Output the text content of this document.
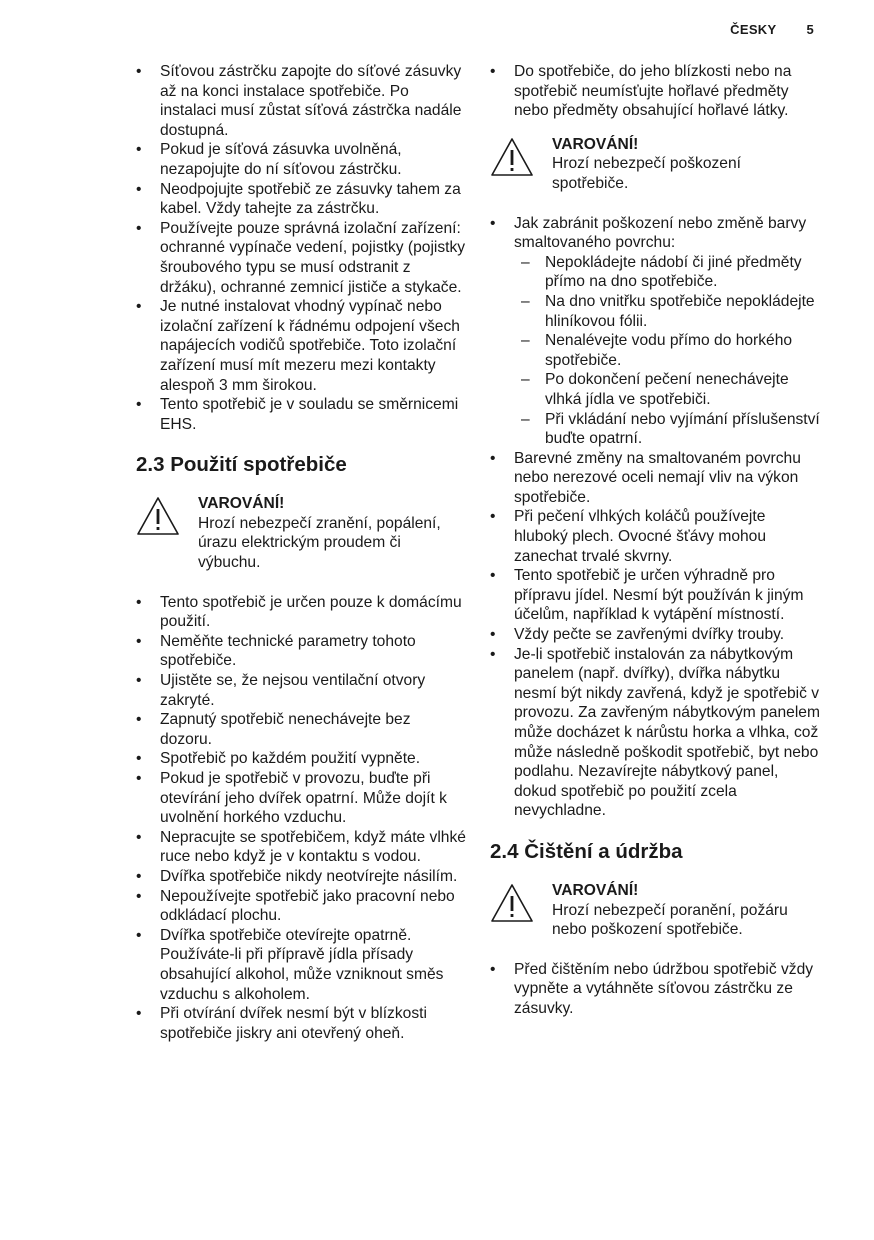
ČESKY 5
• Síťovou zástrčku zapojte do síťové zásuvky až na konci instalace spotřebiče. Po instalaci musí zůstat síťová zástrčka nadále dostupná.
• Pokud je síťová zásuvka uvolněná, nezapojujte do ní síťovou zástrčku.
• Neodpojujte spotřebič ze zásuvky tahem za kabel. Vždy tahejte za zástrčku.
• Používejte pouze správná izolační zařízení: ochranné vypínače vedení, pojistky (pojistky šroubového typu se musí odstranit z držáku), ochranné zemnicí jističe a stykače.
• Je nutné instalovat vhodný vypínač nebo izolační zařízení k řádnému odpojení všech napájecích vodičů spotřebiče. Toto izolační zařízení musí mít mezeru mezi kontakty alespoň 3 mm širokou.
• Tento spotřebič je v souladu se směrnicemi EHS.
2.3 Použití spotřebiče
VAROVÁNÍ!
Hrozí nebezpečí zranění, popálení, úrazu elektrickým proudem či výbuchu.
• Tento spotřebič je určen pouze k domácímu použití.
• Neměňte technické parametry tohoto spotřebiče.
• Ujistěte se, že nejsou ventilační otvory zakryté.
• Zapnutý spotřebič nenechávejte bez dozoru.
• Spotřebič po každém použití vypněte.
• Pokud je spotřebič v provozu, buďte při otevírání jeho dvířek opatrní. Může dojít k uvolnění horkého vzduchu.
• Nepracujte se spotřebičem, když máte vlhké ruce nebo když je v kontaktu s vodou.
• Dvířka spotřebiče nikdy neotvírejte násilím.
• Nepoužívejte spotřebič jako pracovní nebo odkládací plochu.
• Dvířka spotřebiče otevírejte opatrně. Používáte-li při přípravě jídla přísady obsahující alkohol, může vzniknout směs vzduchu s alkoholem.
• Při otvírání dvířek nesmí být v blízkosti spotřebiče jiskry ani otevřený oheň.
• Do spotřebiče, do jeho blízkosti nebo na spotřebič neumísťujte hořlavé předměty nebo předměty obsahující hořlavé látky.
VAROVÁNÍ!
Hrozí nebezpečí poškození spotřebiče.
• Jak zabránit poškození nebo změně barvy smaltovaného povrchu:
– Nepokládejte nádobí či jiné předměty přímo na dno spotřebiče.
– Na dno vnitřku spotřebiče nepokládejte hliníkovou fólii.
– Nenalévejte vodu přímo do horkého spotřebiče.
– Po dokončení pečení nenechávejte vlhká jídla ve spotřebiči.
– Při vkládání nebo vyjímání příslušenství buďte opatrní.
• Barevné změny na smaltovaném povrchu nebo nerezové oceli nemají vliv na výkon spotřebiče.
• Při pečení vlhkých koláčů používejte hluboký plech. Ovocné šťávy mohou zanechat trvalé skvrny.
• Tento spotřebič je určen výhradně pro přípravu jídel. Nesmí být používán k jiným účelům, například k vytápění místností.
• Vždy pečte se zavřenými dvířky trouby.
• Je-li spotřebič instalován za nábytkovým panelem (např. dvířky), dvířka nábytku nesmí být nikdy zavřená, když je spotřebič v provozu. Za zavřeným nábytkovým panelem může docházet k nárůstu horka a vlhka, což může následně poškodit spotřebič, byt nebo podlahu. Nezavírejte nábytkový panel, dokud spotřebič po použití zcela nevychladne.
2.4 Čištění a údržba
VAROVÁNÍ!
Hrozí nebezpečí poranění, požáru nebo poškození spotřebiče.
• Před čištěním nebo údržbou spotřebič vždy vypněte a vytáhněte síťovou zástrčku ze zásuvky.
